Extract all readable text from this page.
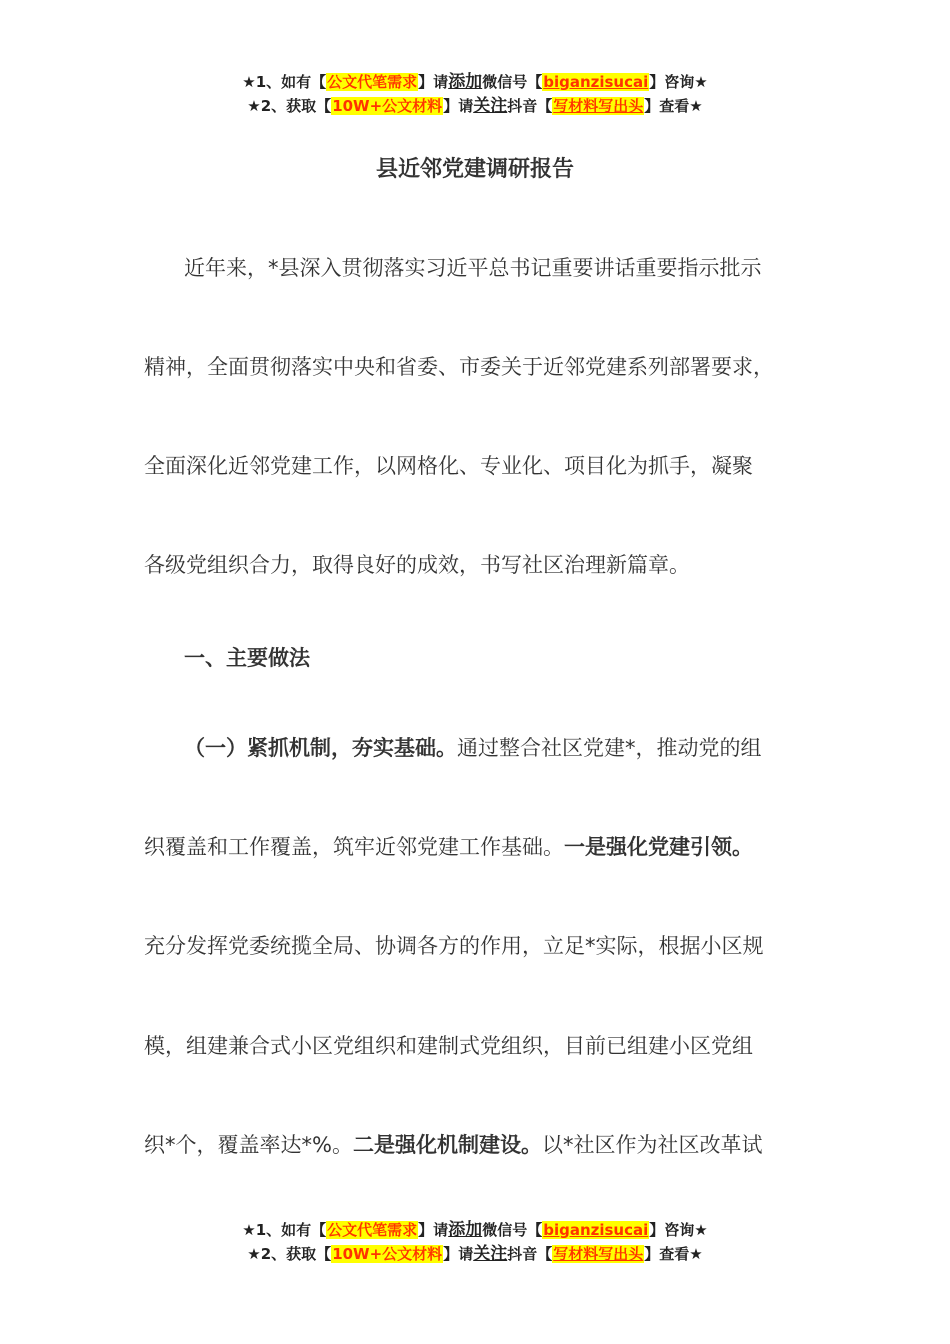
★1、如有【公文代笔需求】请添加微信号【biganzisucai】咨询★
★2、获取【10W+公文材料】请关注抖音【写材料写出头】查看★
县近邻党建调研报告
近年来，*县深入贯彻落实习近平总书记重要讲话重要指示批示
精神，全面贯彻落实中央和省委、市委关于近邻党建系列部署要求，
全面深化近邻党建工作，以网格化、专业化、项目化为抓手，凝聚
各级党组织合力，取得良好的成效，书写社区治理新篇章。
一、主要做法
（一）紧抓机制，夯实基础。通过整合社区党建*，推动党的组
织覆盖和工作覆盖，筑牢近邻党建工作基础。一是强化党建引领。
充分发挥党委统揽全局、协调各方的作用，立足*实际，根据小区规
模，组建兼合式小区党组织和建制式党组织，目前已组建小区党组
织*个，覆盖率达*%。二是强化机制建设。以*社区作为社区改革试
★1、如有【公文代笔需求】请添加微信号【biganzisucai】咨询★
★2、获取【10W+公文材料】请关注抖音【写材料写出头】查看★
